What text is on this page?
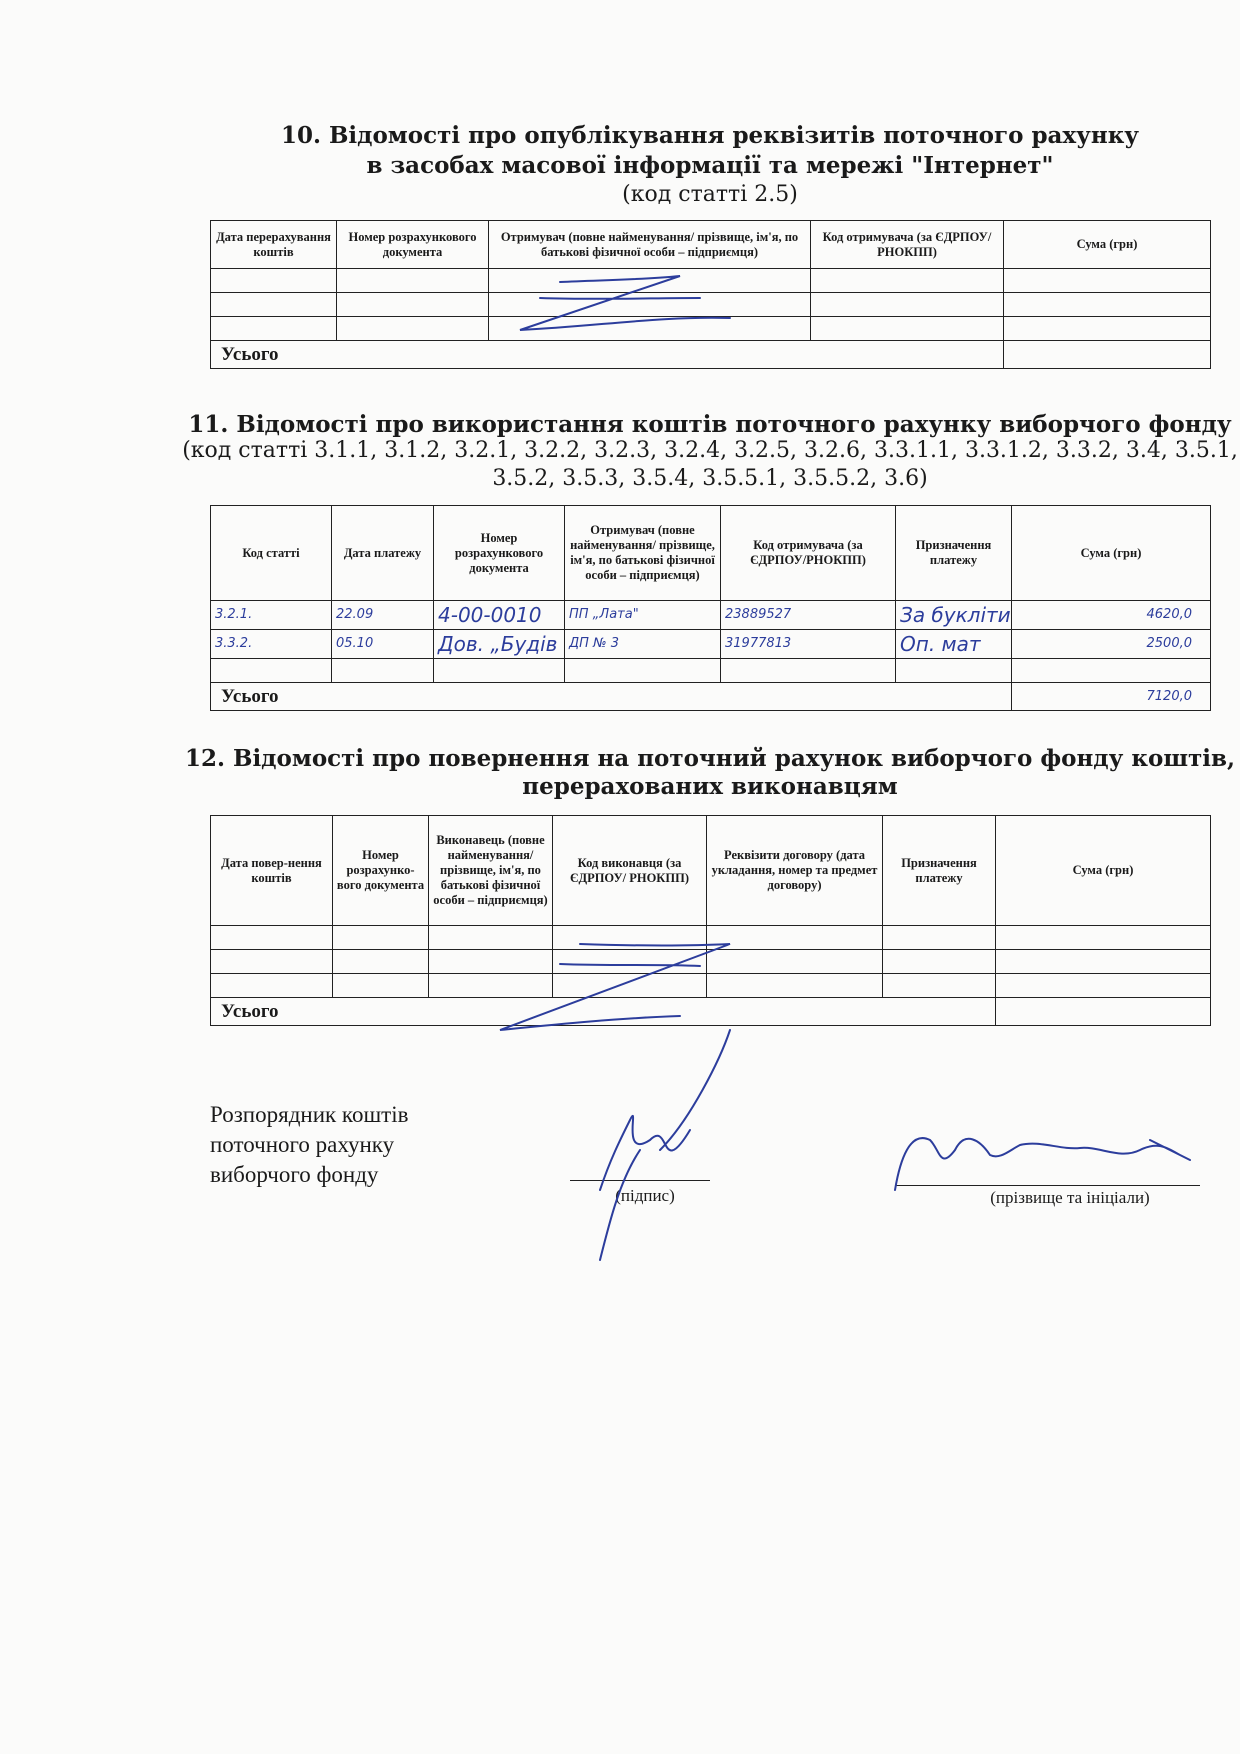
10. Відомості про опублікування реквізитів поточного рахунку
в засобах масової інформації та мережі "Інтернет"
(код статті 2.5)
Дата перерахування коштів	Номер розрахункового документа	Отримувач (повне найменування/ прізвище, ім'я, по батькові фізичної особи – підприємця)	Код отримувача (за ЄДРПОУ/РНОКПП)	Сума (грн)

Усього				
11. Відомості про використання коштів поточного рахунку виборчого фонду
(код статті 3.1.1, 3.1.2, 3.2.1, 3.2.2, 3.2.3, 3.2.4, 3.2.5, 3.2.6, 3.3.1.1, 3.3.1.2, 3.3.2, 3.4, 3.5.1,
3.5.2, 3.5.3, 3.5.4, 3.5.5.1, 3.5.5.2, 3.6)
Код статті	Дата платежу	Номер розрахункового документа	Отримувач (повне найменування/ прізвище, ім'я, по батькові фізичної особи – підприємця)	Код отримувача (за ЄДРПОУ/РНОКПП)	Призначення платежу	Сума (грн)
3.2.1.	22.09	4-00-0010	ПП „Лата"	23889527	За букліти	4620,0
3.3.2.	05.10	Дов. „Будів	ДП № 3	31977813	Оп. мат	2500,0

Усього						7120,0
12. Відомості про повернення на поточний рахунок виборчого фонду коштів,
перерахованих виконавцям
Дата повер-нення коштів	Номер розрахунко-вого документа	Виконавець (повне найменування/ прізвище, ім'я, по батькові фізичної особи – підприємця)	Код виконавця (за ЄДРПОУ/ РНОКПП)	Реквізити договору (дата укладання, номер та предмет договору)	Призначення платежу	Сума (грн)

Усього						
Розпорядник коштів
поточного рахунку
виборчого фонду
(підпис)	(прізвище та ініціали)
